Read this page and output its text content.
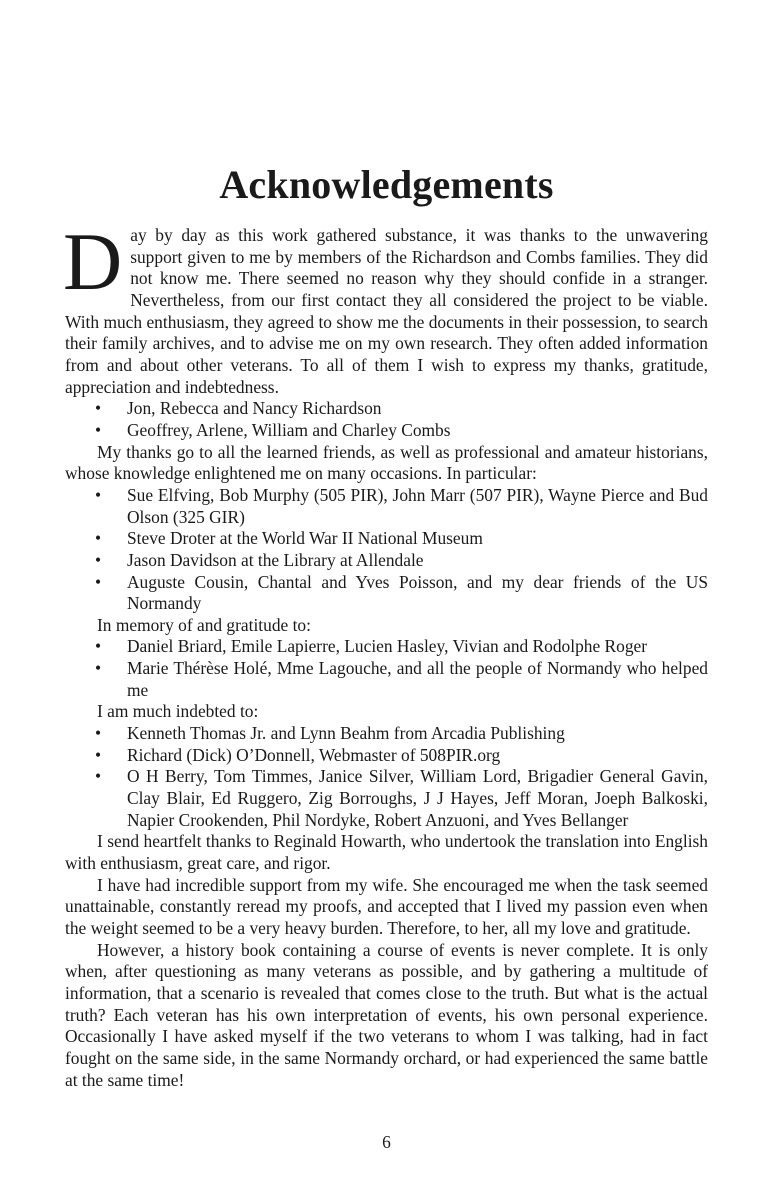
Acknowledgements

Day by day as this work gathered substance, it was thanks to the unwavering support given to me by members of the Richardson and Combs families. They did not know me. There seemed no reason why they should confide in a stranger. Nevertheless, from our first contact they all considered the project to be viable. With much enthusiasm, they agreed to show me the documents in their possession, to search their family archives, and to advise me on my own research. They often added information from and about other veterans. To all of them I wish to express my thanks, gratitude, appreciation and indebtedness.

• Jon, Rebecca and Nancy Richardson
• Geoffrey, Arlene, William and Charley Combs

My thanks go to all the learned friends, as well as professional and amateur historians, whose knowledge enlightened me on many occasions. In particular:

• Sue Elfving, Bob Murphy (505 PIR), John Marr (507 PIR), Wayne Pierce and Bud Olson (325 GIR)
• Steve Droter at the World War II National Museum
• Jason Davidson at the Library at Allendale
• Auguste Cousin, Chantal and Yves Poisson, and my dear friends of the US Normandy

In memory of and gratitude to:

• Daniel Briard, Emile Lapierre, Lucien Hasley, Vivian and Rodolphe Roger
• Marie Thérèse Holé, Mme Lagouche, and all the people of Normandy who helped me

I am much indebted to:

• Kenneth Thomas Jr. and Lynn Beahm from Arcadia Publishing
• Richard (Dick) O’Donnell, Webmaster of 508PIR.org
• O H Berry, Tom Timmes, Janice Silver, William Lord, Brigadier General Gavin, Clay Blair, Ed Ruggero, Zig Borroughs, J J Hayes, Jeff Moran, Joeph Balkoski, Napier Crookenden, Phil Nordyke, Robert Anzuoni, and Yves Bellanger

I send heartfelt thanks to Reginald Howarth, who undertook the translation into English with enthusiasm, great care, and rigor.

I have had incredible support from my wife. She encouraged me when the task seemed unattainable, constantly reread my proofs, and accepted that I lived my passion even when the weight seemed to be a very heavy burden. Therefore, to her, all my love and gratitude.

However, a history book containing a course of events is never complete. It is only when, after questioning as many veterans as possible, and by gathering a multitude of information, that a scenario is revealed that comes close to the truth. But what is the actual truth? Each veteran has his own interpretation of events, his own personal experience. Occasionally I have asked myself if the two veterans to whom I was talking, had in fact fought on the same side, in the same Normandy orchard, or had experienced the same battle at the same time!

6
